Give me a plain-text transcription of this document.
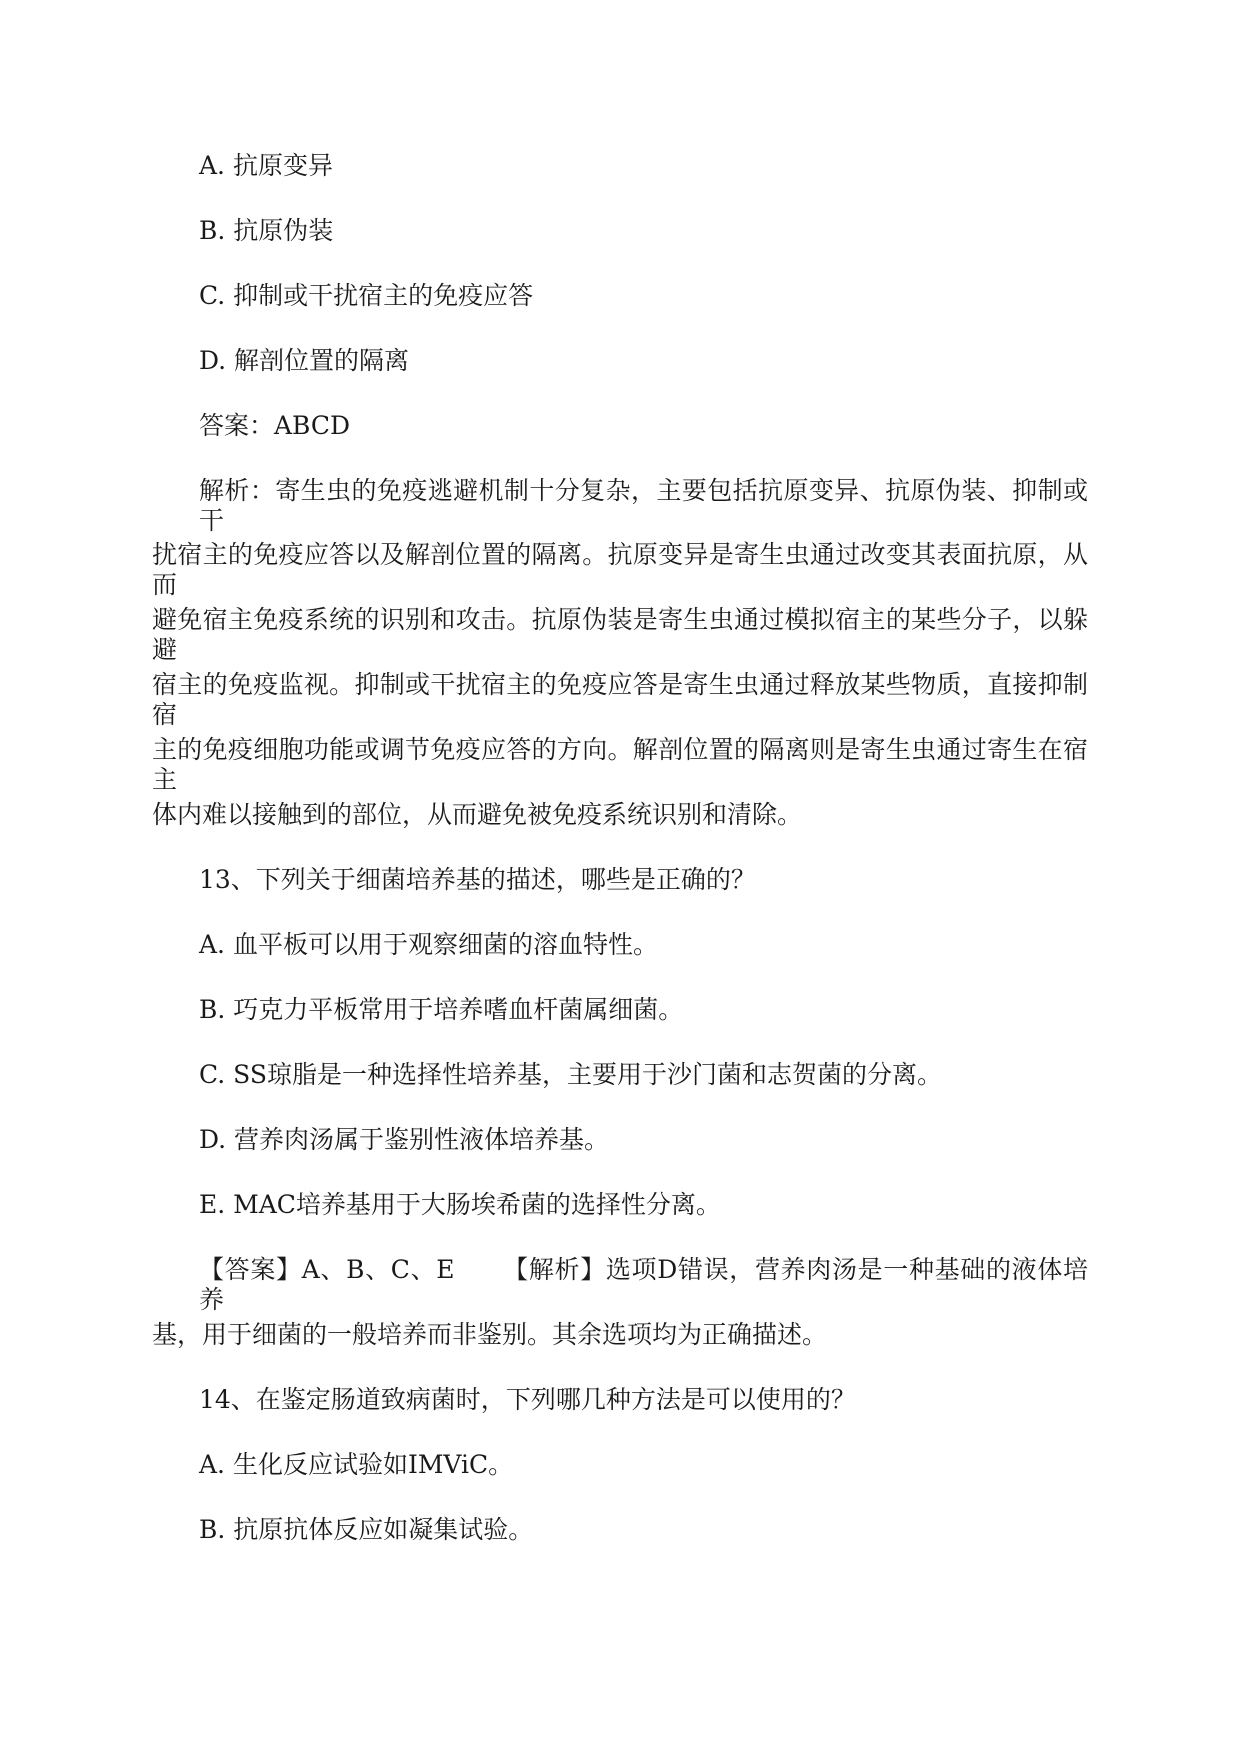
A. 抗原变异
B. 抗原伪装
C. 抑制或干扰宿主的免疫应答
D. 解剖位置的隔离
答案：ABCD
解析：寄生虫的免疫逃避机制十分复杂，主要包括抗原变异、抗原伪装、抑制或干
扰宿主的免疫应答以及解剖位置的隔离。抗原变异是寄生虫通过改变其表面抗原，从而
避免宿主免疫系统的识别和攻击。抗原伪装是寄生虫通过模拟宿主的某些分子，以躲避
宿主的免疫监视。抑制或干扰宿主的免疫应答是寄生虫通过释放某些物质，直接抑制宿
主的免疫细胞功能或调节免疫应答的方向。解剖位置的隔离则是寄生虫通过寄生在宿主
体内难以接触到的部位，从而避免被免疫系统识别和清除。
13、下列关于细菌培养基的描述，哪些是正确的？
A. 血平板可以用于观察细菌的溶血特性。
B. 巧克力平板常用于培养嗜血杆菌属细菌。
C. SS琼脂是一种选择性培养基，主要用于沙门菌和志贺菌的分离。
D. 营养肉汤属于鉴别性液体培养基。
E. MAC培养基用于大肠埃希菌的选择性分离。
【答案】A、B、C、E 【解析】选项D错误，营养肉汤是一种基础的液体培养
基，用于细菌的一般培养而非鉴别。其余选项均为正确描述。
14、在鉴定肠道致病菌时，下列哪几种方法是可以使用的？
A. 生化反应试验如IMViC。
B. 抗原抗体反应如凝集试验。
